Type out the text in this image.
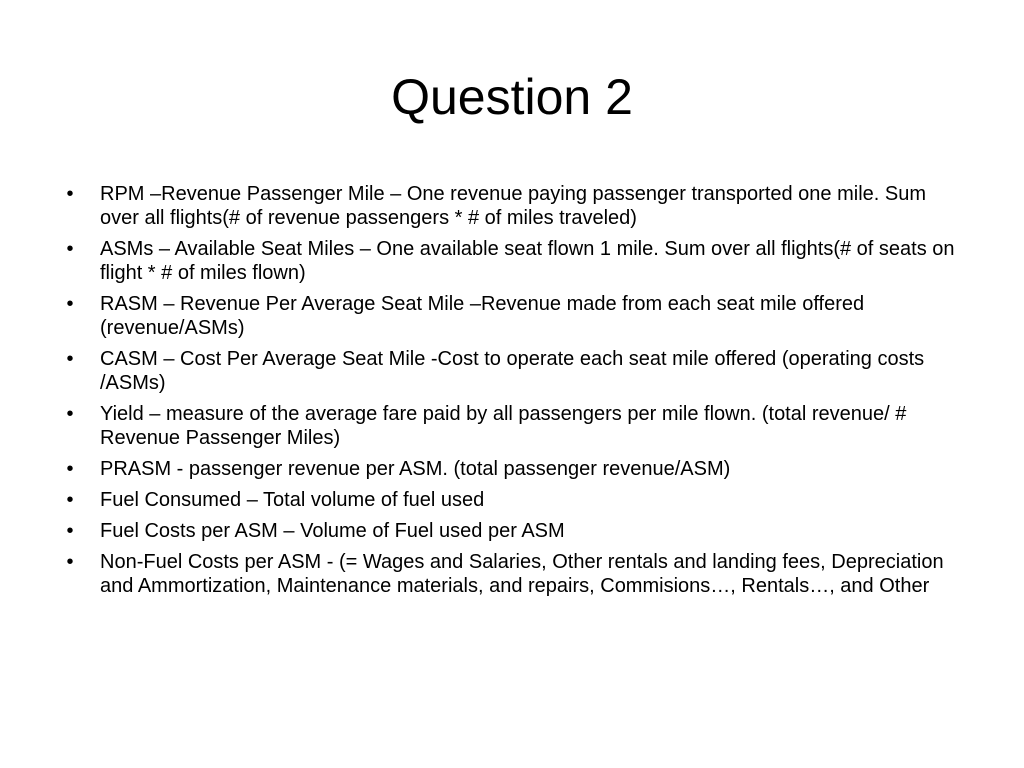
Question 2
•	RPM –Revenue Passenger Mile – One revenue paying passenger transported one mile. Sum over all flights(# of revenue passengers * # of miles traveled)
•	ASMs – Available Seat Miles – One available seat flown 1 mile. Sum over all flights(# of seats on flight * # of miles flown)
•	RASM – Revenue Per Average Seat Mile –Revenue made from each seat mile offered (revenue/ASMs)
•	CASM – Cost Per Average Seat Mile -Cost to operate each seat mile offered (operating costs /ASMs)
•	Yield – measure of the average fare paid by all passengers per mile flown. (total revenue/ # Revenue Passenger Miles)
•	PRASM - passenger revenue per ASM. (total passenger revenue/ASM)
•	Fuel Consumed – Total volume of fuel used
•	Fuel Costs per ASM – Volume of Fuel used per ASM
•	Non-Fuel Costs per ASM - (= Wages and Salaries, Other rentals and landing fees, Depreciation and Ammortization, Maintenance materials, and repairs, Commisions…, Rentals…, and Other
